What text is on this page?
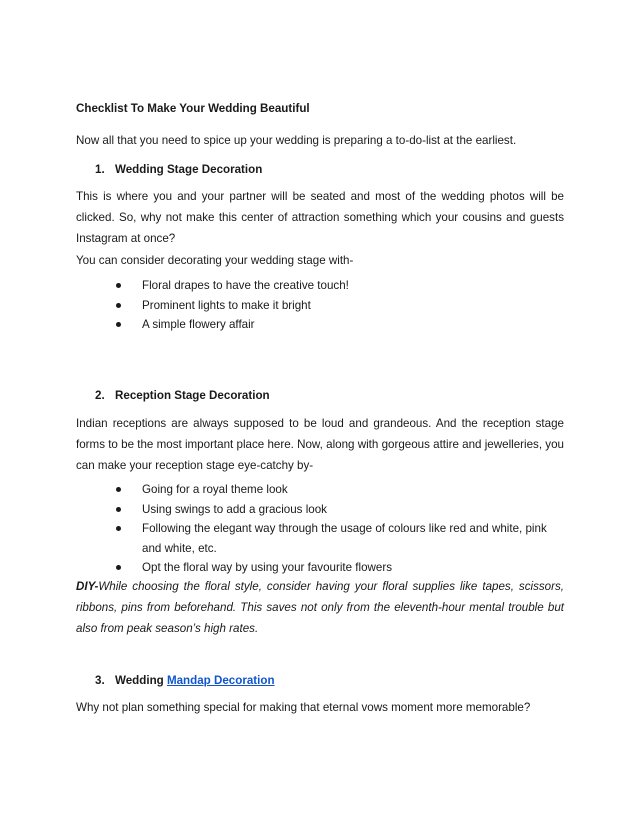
Checklist To Make Your Wedding Beautiful

Now all that you need to spice up your wedding is preparing a to-do-list at the earliest.

1. Wedding Stage Decoration

This is where you and your partner will be seated and most of the wedding photos will be clicked. So, why not make this center of attraction something which your cousins and guests Instagram at once?

You can consider decorating your wedding stage with-

Floral drapes to have the creative touch!
Prominent lights to make it bright
A simple flowery affair
2. Reception Stage Decoration

Indian receptions are always supposed to be loud and grandeous. And the reception stage forms to be the most important place here. Now, along with gorgeous attire and jewelleries, you can make your reception stage eye-catchy by-

Going for a royal theme look
Using swings to add a gracious look
Following the elegant way through the usage of colours like red and white, pink and white, etc.
Opt the floral way by using your favourite flowers

DIY-While choosing the floral style, consider having your floral supplies like tapes, scissors, ribbons, pins from beforehand. This saves not only from the eleventh-hour mental trouble but also from peak season’s high rates.

3. Wedding Mandap Decoration

Why not plan something special for making that eternal vows moment more memorable?
